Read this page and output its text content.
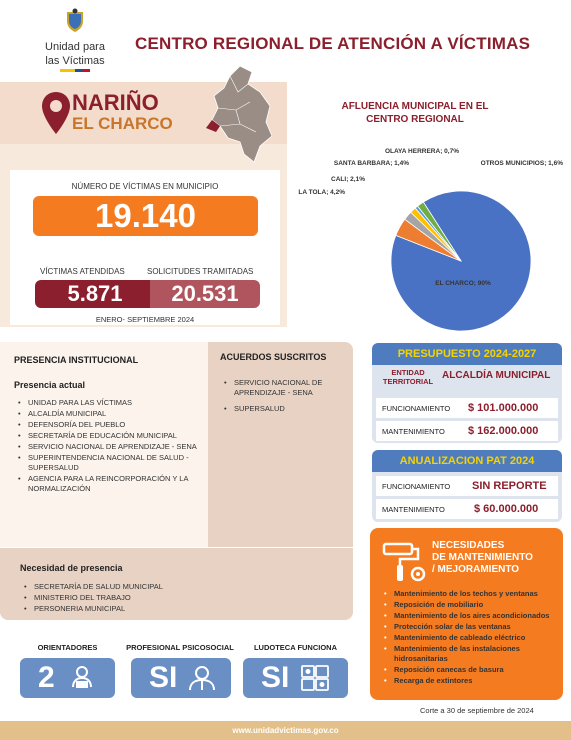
Unidad para
las Víctimas
CENTRO REGIONAL DE ATENCIÓN A VÍCTIMAS
NARIÑO
EL CHARCO
NÚMERO DE VÍCTIMAS EN MUNICIPIO
19.140
VÍCTIMAS ATENDIDAS	SOLICITUDES TRAMITADAS
5.871	20.531
ENERO- SEPTIEMBRE 2024
AFLUENCIA MUNICIPAL EN EL CENTRO REGIONAL
EL CHARCO; 90%
LA TOLA; 4,2%
CALI; 2,1%
SANTA BARBARA; 1,4%
OLAYA HERRERA; 0,7%
OTROS MUNICIPIOS; 1,6%
PRESENCIA INSTITUCIONAL
Presencia actual
• UNIDAD PARA LAS VÍCTIMAS
• ALCALDÍA MUNICIPAL
• DEFENSORÍA DEL PUEBLO
• SECRETARÍA DE EDUCACIÓN MUNICIPAL
• SERVICIO NACIONAL DE APRENDIZAJE - SENA
• SUPERINTENDENCIA NACIONAL DE SALUD - SUPERSALUD
• AGENCIA PARA LA REINCORPORACIÓN Y LA NORMALIZACIÓN
ACUERDOS SUSCRITOS
• SERVICIO NACIONAL DE APRENDIZAJE - SENA
• SUPERSALUD
Necesidad de presencia
• SECRETARÍA DE SALUD MUNICIPAL
• MINISTERIO DEL TRABAJO
• PERSONERIA MUNICIPAL
PRESUPUESTO 2024-2027
ENTIDAD TERRITORIAL
ALCALDÍA MUNICIPAL
FUNCIONAMIENTO $ 101.000.000
MANTENIMIENTO $ 162.000.000
ANUALIZACION PAT 2024
FUNCIONAMIENTO SIN REPORTE
MANTENIMIENTO	$ 60.000.000
NECESIDADES
DE MANTENIMIENTO
/ MEJORAMIENTO
• Mantenimiento de los techos y ventanas
• Reposición de mobiliario
• Mantenimiento de los aires acondicionados
• Protección solar de las ventanas
• Mantenimiento de cableado eléctrico
• Mantenimiento de las instalaciones hidrosanitarias
• Reposición canecas de basura
• Recarga de extintores
ORIENTADORES
2
PROFESIONAL PSICOSOCIAL
SI
LUDOTECA FUNCIONA
SI
Corte a 30 de septiembre de 2024
www.unidadvictimas.gov.co
